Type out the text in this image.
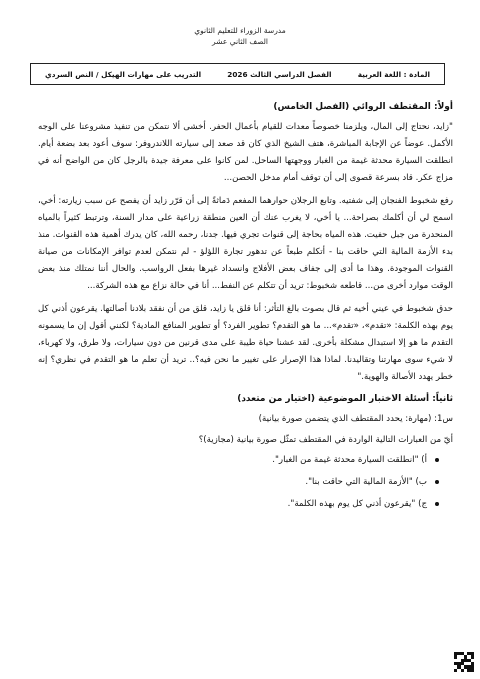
مدرسة الزوراء للتعليم الثانوي
الصف الثاني عشر
المادة : اللغة العربية
الفصل الدراسي الثالث 2026
التدريب على مهارات الهيكل / النص السردي
أولاً: المقتطف الروائي (الفصل الخامس)

"زايد، نحتاج إلى المال، ويلزمنا خصوصاً معدات للقيام بأعمال الحفر. أخشى ألا نتمكن من تنفيذ مشروعنا على الوجه الأكمل. عوضاً عن الإجابة المباشرة، هتف الشيخ الذي كان قد صعد إلى سيارته اللاندروفر: سوف أعود بعد بضعة أيام. انطلقت السيارة محدثة غيمة من الغبار ووجهتها الساحل. لمن كانوا على معرفة جيدة بالرجل كان من الواضح أنه في مزاج عكر. قاد بسرعة قصوى إلى أن توقف أمام مدخل الحصن...

رفع شخبوط الفنجان إلى شفتيه. وتابع الرجلان حوارهما المفعم دَماثةً إلى أن قرّر زايد أن يفصح عن سبب زيارته: أخي، اسمح لي أن أكلمك بصراحة... يا أخي، لا يغرب عنك أن العين منطقة زراعية على مدار السنة، وترتبط كثيراً بالمياه المنحدرة من جبل حفيت. هذه المياه بحاجة إلى قنوات تجري فيها. جدنا، رحمه الله، كان يدرك أهمية هذه القنوات. منذ بدء الأزمة المالية التي حاقت بنا - أتكلم طبعاً عن تدهور تجارة اللؤلؤ - لم نتمكن لعدم توافر الإمكانات من صيانة القنوات الموجودة. وهذا ما أدى إلى جفاف بعض الأفلاج وانسداد غيرها بفعل الرواسب. والحال أننا نمتلك منذ بعض الوقت موارد أخرى من... قاطعه شخبوط: تريد أن تتكلم عن النفط... أنا في حالة نزاع مع هذه الشركة...

حدق شخبوط في عيني أخيه ثم قال بصوت بالغ التأثر: أنا قلق يا زايد، قلق من أن نفقد بلادنا أصالتها. يقرعون أذني كل يوم بهذه الكلمة: «تقدم»، «تقدم»... ما هو التقدم؟ تطوير الفرد؟ أو تطوير المنافع المادية؟ لكنني أقول إن ما يسمونه التقدم ما هو إلا استبدال مشكلة بأخرى. لقد عشنا حياة طيبة على مدى قرنين من دون سيارات، ولا طرق، ولا كهرباء، لا شيء سوى مهارتنا وتقاليدنا. لماذا هذا الإصرار على تغيير ما نحن فيه؟.. تريد أن تعلم ما هو التقدم في نظري؟ إنه خطر يهدد الأصالة والهوية."

ثانياً: أسئلة الاختبار الموضوعية (اختيار من متعدد)
س1: (مهارة: يحدد المقتطف الذي يتضمن صورة بيانية)
أيّ من العبارات التالية الواردة في المقتطف تمثّل صورة بيانية (مجازية)؟
أ) "انطلقت السيارة محدثة غيمة من الغبار".
ب) "الأزمة المالية التي حاقت بنا".
ج) "يقرعون أذني كل يوم بهذه الكلمة".
